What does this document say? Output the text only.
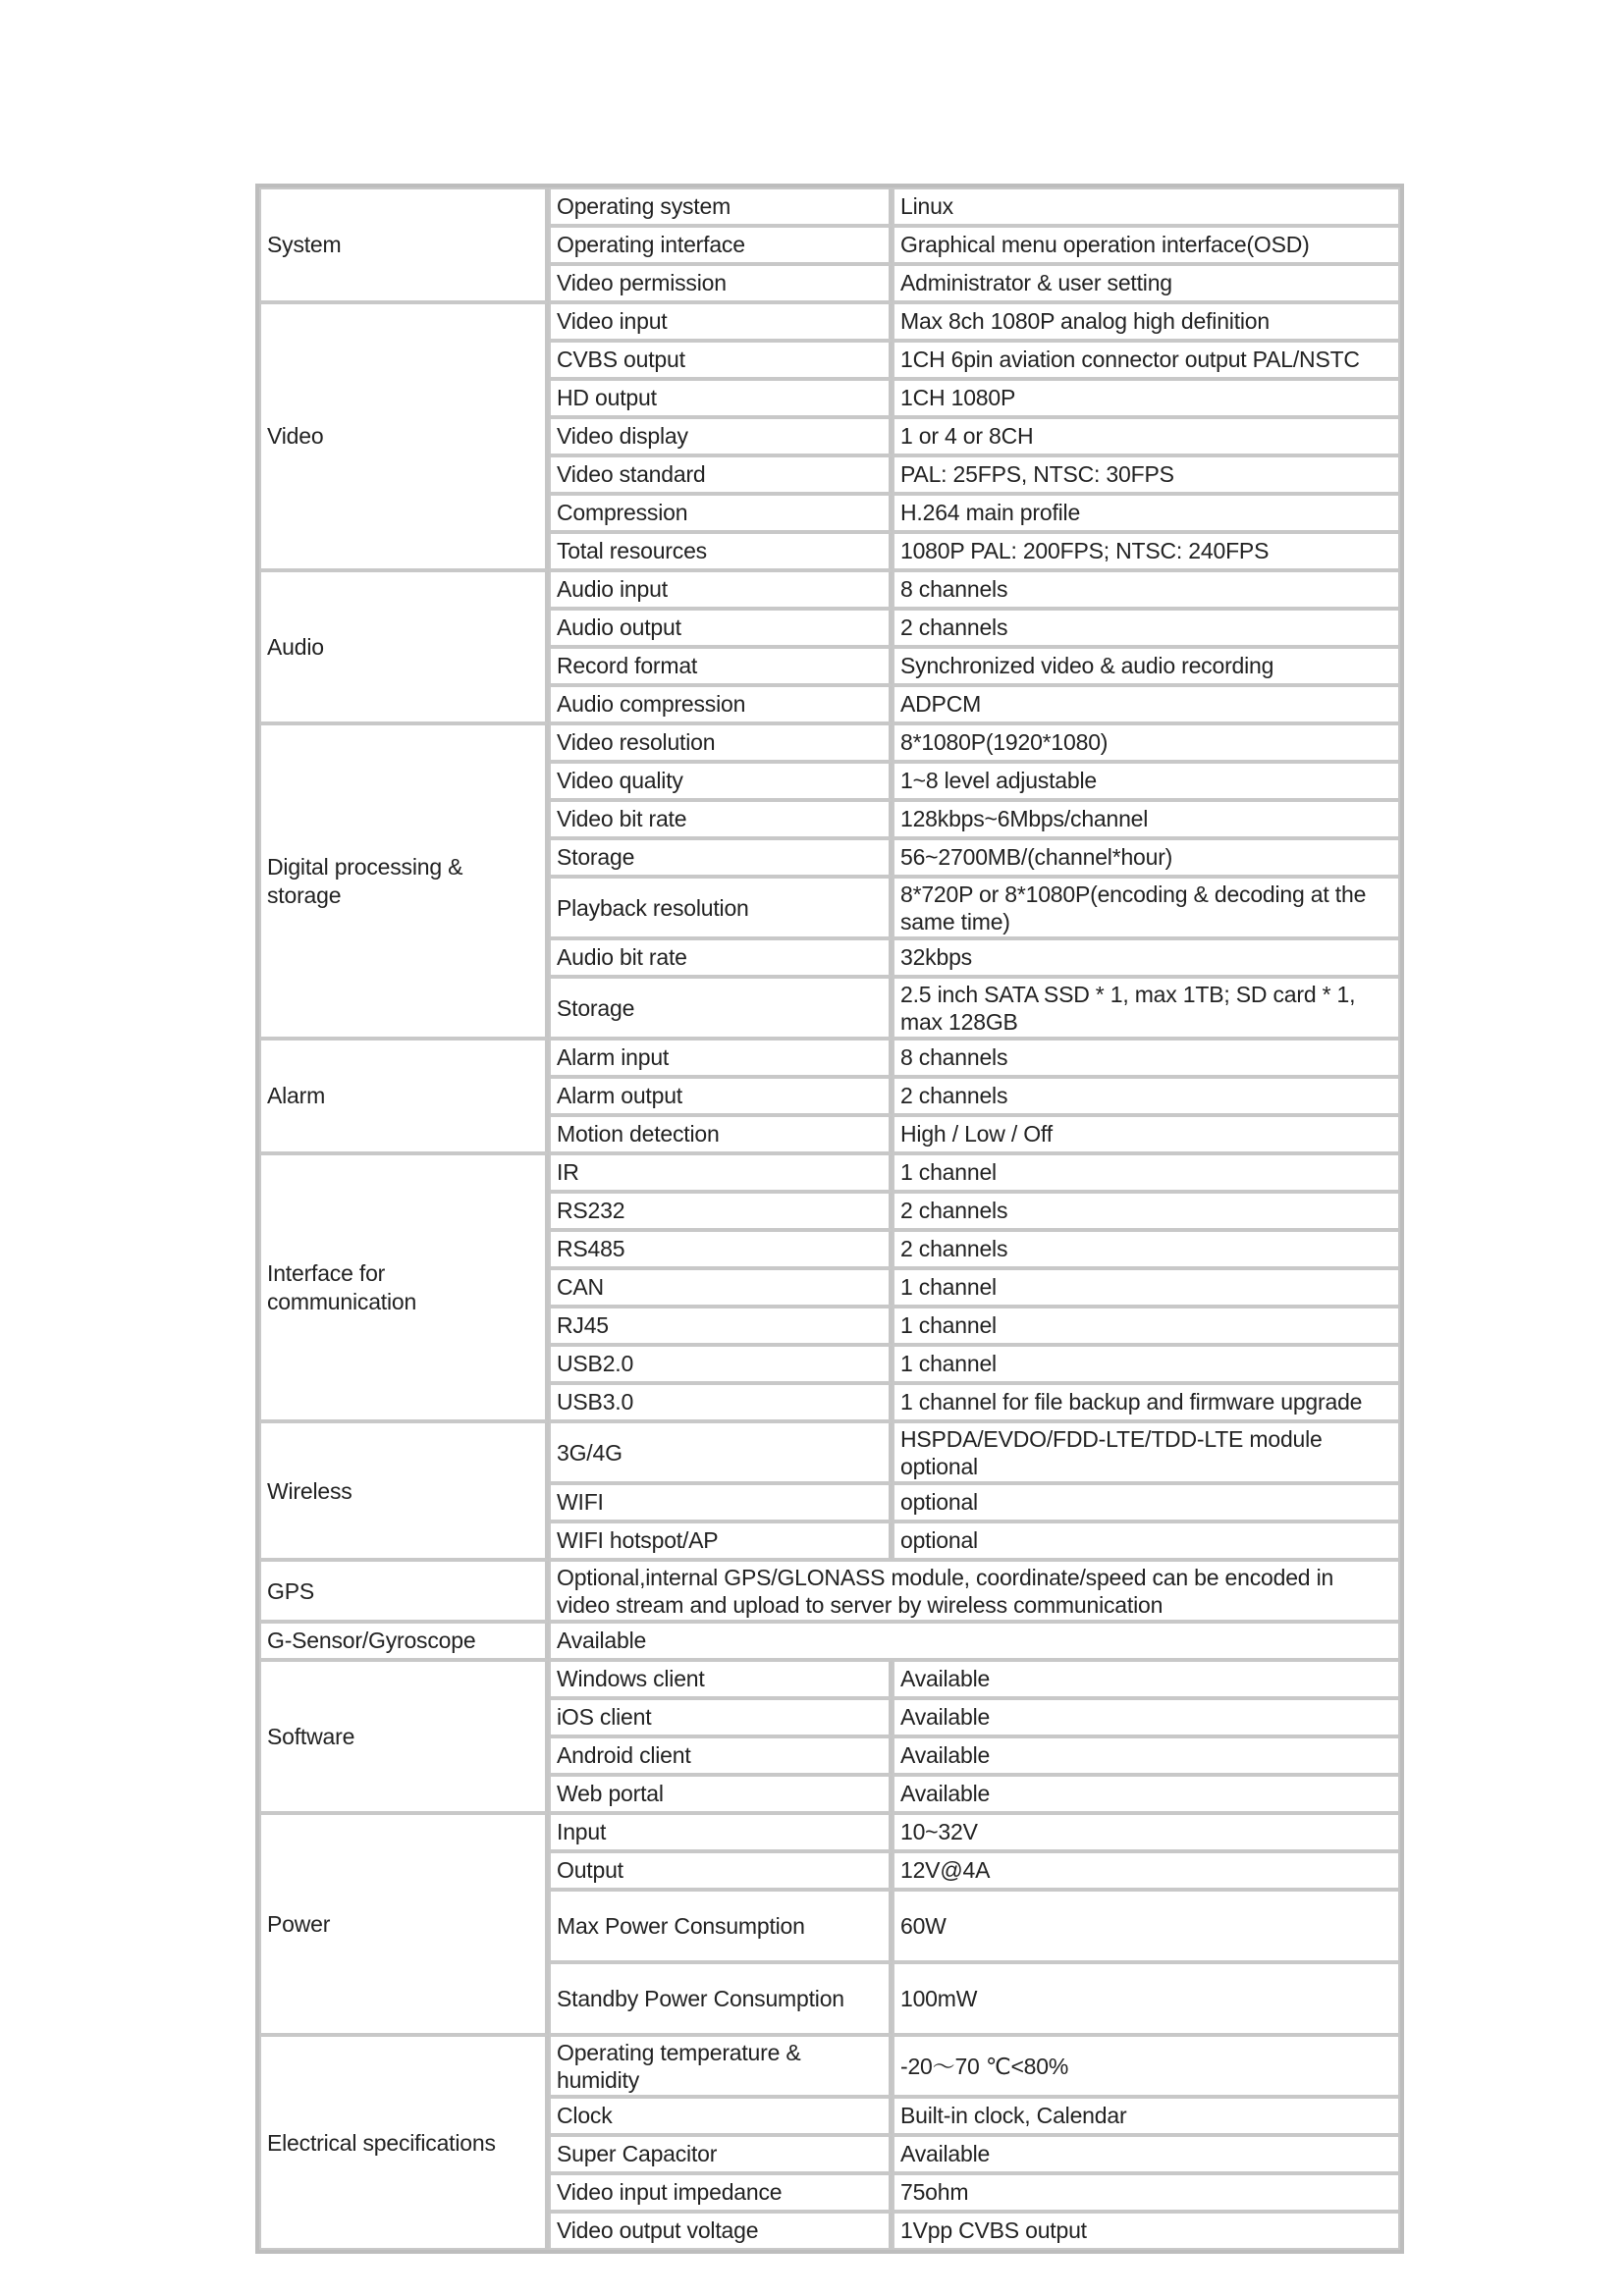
System	Operating system	Linux
	Operating interface	Graphical menu operation interface(OSD)
	Video permission	Administrator & user setting
Video	Video input	Max 8ch 1080P analog high definition
	CVBS output	1CH 6pin aviation connector output PAL/NSTC
	HD output	1CH 1080P
	Video display	1 or 4 or 8CH
	Video standard	PAL: 25FPS, NTSC: 30FPS
	Compression	H.264 main profile
	Total resources	1080P PAL: 200FPS; NTSC: 240FPS
Audio	Audio input	8 channels
	Audio output	2 channels
	Record format	Synchronized video & audio recording
	Audio compression	ADPCM
Digital processing & storage	Video resolution	8*1080P(1920*1080)
	Video quality	1~8 level adjustable
	Video bit rate	128kbps~6Mbps/channel
	Storage	56~2700MB/(channel*hour)
	Playback resolution	8*720P or 8*1080P(encoding & decoding at the same time)
	Audio bit rate	32kbps
	Storage	2.5 inch SATA SSD * 1, max 1TB; SD card * 1, max 128GB
Alarm	Alarm input	8 channels
	Alarm output	2 channels
	Motion detection	High / Low / Off
Interface for communication	IR	1 channel
	RS232	2 channels
	RS485	2 channels
	CAN	1 channel
	RJ45	1 channel
	USB2.0	1 channel
	USB3.0	1 channel for file backup and firmware upgrade
Wireless	3G/4G	HSPDA/EVDO/FDD-LTE/TDD-LTE module optional
	WIFI	optional
	WIFI hotspot/AP	optional
GPS	Optional,internal GPS/GLONASS module, coordinate/speed can be encoded in video stream and upload to server by wireless communication	
G-Sensor/Gyroscope	Available	
Software	Windows client	Available
	iOS client	Available
	Android client	Available
	Web portal	Available
Power	Input	10~32V
	Output	12V@4A
	Max Power Consumption	60W
	Standby Power Consumption	100mW
Electrical specifications	Operating temperature & humidity	-20～70 ℃<80%
	Clock	Built-in clock, Calendar
	Super Capacitor	Available
	Video input impedance	75ohm
	Video output voltage	1Vpp CVBS output
